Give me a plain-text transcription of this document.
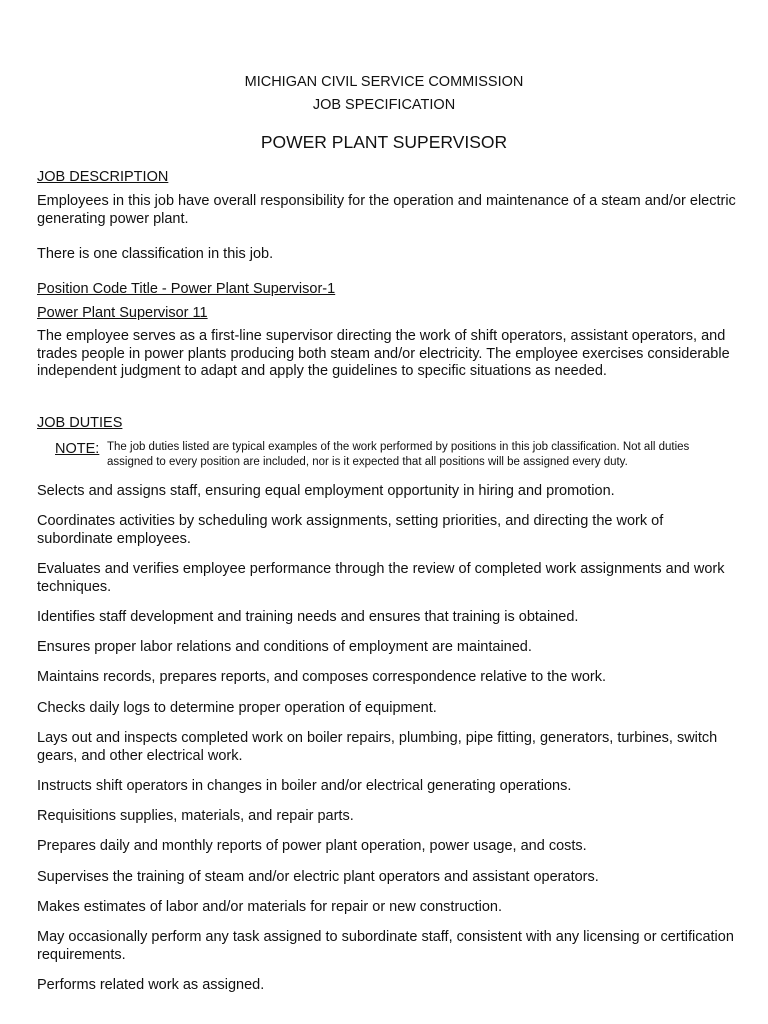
MICHIGAN CIVIL SERVICE COMMISSION
JOB SPECIFICATION
POWER PLANT SUPERVISOR
JOB DESCRIPTION
Employees in this job have overall responsibility for the operation and maintenance of a steam and/or electric generating power plant.
There is one classification in this job.
Position Code Title - Power Plant Supervisor-1
Power Plant Supervisor 11
The employee serves as a first-line supervisor directing the work of shift operators, assistant operators, and trades people in power plants producing both steam and/or electricity. The employee exercises considerable independent judgment to adapt and apply the guidelines to specific situations as needed.
JOB DUTIES
NOTE: The job duties listed are typical examples of the work performed by positions in this job classification. Not all duties assigned to every position are included, nor is it expected that all positions will be assigned every duty.
Selects and assigns staff, ensuring equal employment opportunity in hiring and promotion.
Coordinates activities by scheduling work assignments, setting priorities, and directing the work of subordinate employees.
Evaluates and verifies employee performance through the review of completed work assignments and work techniques.
Identifies staff development and training needs and ensures that training is obtained.
Ensures proper labor relations and conditions of employment are maintained.
Maintains records, prepares reports, and composes correspondence relative to the work.
Checks daily logs to determine proper operation of equipment.
Lays out and inspects completed work on boiler repairs, plumbing, pipe fitting, generators, turbines, switch gears, and other electrical work.
Instructs shift operators in changes in boiler and/or electrical generating operations.
Requisitions supplies, materials, and repair parts.
Prepares daily and monthly reports of power plant operation, power usage, and costs.
Supervises the training of steam and/or electric plant operators and assistant operators.
Makes estimates of labor and/or materials for repair or new construction.
May occasionally perform any task assigned to subordinate staff, consistent with any licensing or certification requirements.
Performs related work as assigned.
